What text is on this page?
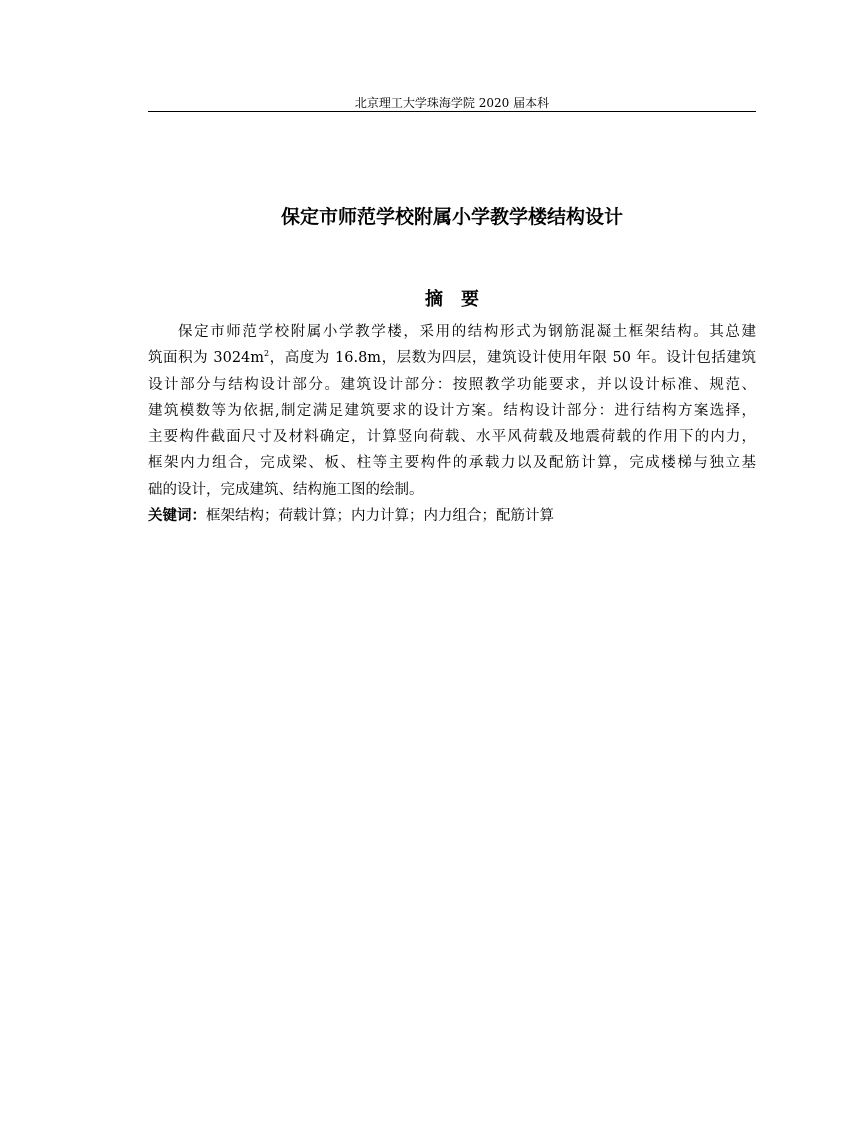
北京理工大学珠海学院 2020 届本科
保定市师范学校附属小学教学楼结构设计
摘 要
保定市师范学校附属小学教学楼，采用的结构形式为钢筋混凝土框架结构。其总建
筑面积为 $3024m^2$，高度为 16.8m，层数为四层，建筑设计使用年限 50 年。设计包括建筑
设计部分与结构设计部分。建筑设计部分：按照教学功能要求，并以设计标准、规范、
建筑模数等为依据,制定满足建筑要求的设计方案。结构设计部分：进行结构方案选择，
主要构件截面尺寸及材料确定，计算竖向荷载、水平风荷载及地震荷载的作用下的内力，
框架内力组合，完成梁、板、柱等主要构件的承载力以及配筋计算，完成楼梯与独立基
础的设计，完成建筑、结构施工图的绘制。

关键词：框架结构；荷载计算；内力计算；内力组合；配筋计算
